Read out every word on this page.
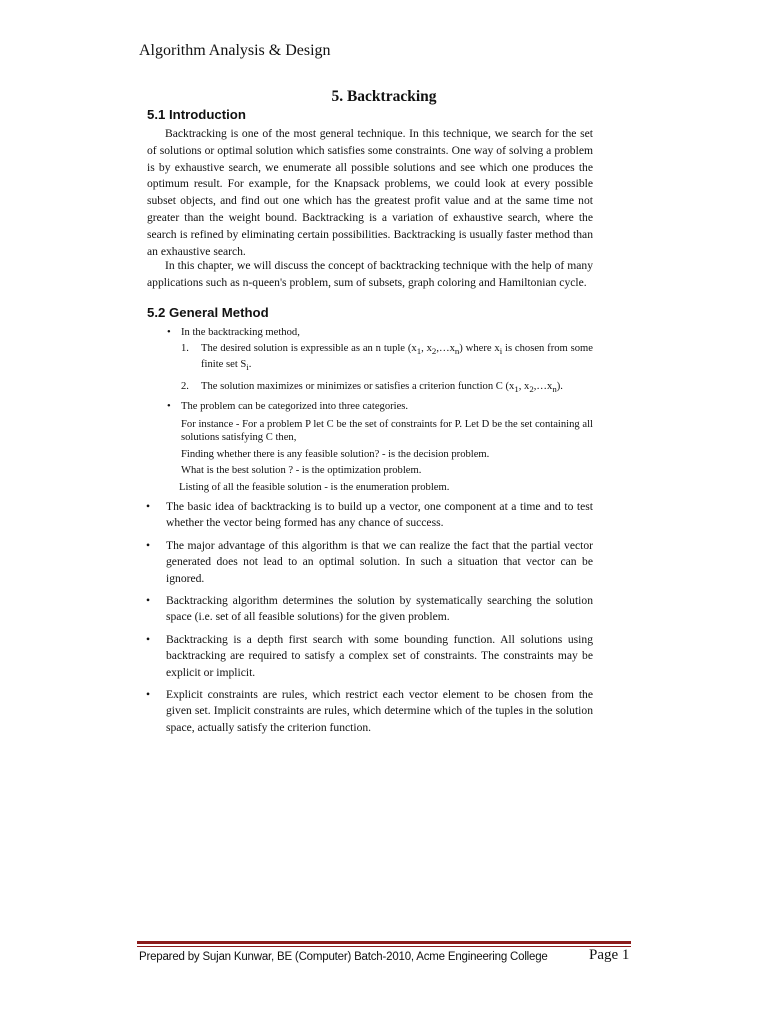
Algorithm Analysis & Design
5. Backtracking
5.1 Introduction

Backtracking is one of the most general technique. In this technique, we search for the set of solutions or optimal solution which satisfies some constraints. One way of solving a problem is by exhaustive search, we enumerate all possible solutions and see which one produces the optimum result. For example, for the Knapsack problems, we could look at every possible subset objects, and find out one which has the greatest profit value and at the same time not greater than the weight bound. Backtracking is a variation of exhaustive search, where the search is refined by eliminating certain possibilities. Backtracking is usually faster method than an exhaustive search.

In this chapter, we will discuss the concept of backtracking technique with the help of many applications such as n-queen's problem, sum of subsets, graph coloring and Hamiltonian cycle.

5.2 General Method

• In the backtracking method,

1. The desired solution is expressible as an n tuple ($x_1$, $x_2,\dots x_n$) where $x_i$ is chosen from some finite set $S_i$.

2. The solution maximizes or minimizes or satisfies a criterion function C ($x_1$, $x_2,\dots x_n$).

• The problem can be categorized into three categories.

For instance - For a problem P let C be the set of constraints for P. Let D be the set containing all solutions satisfying C then,

Finding whether there is any feasible solution? - is the decision problem.

What is the best solution ? - is the optimization problem.

Listing of all the feasible solution - is the enumeration problem.

• The basic idea of backtracking is to build up a vector, one component at a time and to test whether the vector being formed has any chance of success.

• The major advantage of this algorithm is that we can realize the fact that the partial vector generated does not lead to an optimal solution. In such a situation that vector can be ignored.

• Backtracking algorithm determines the solution by systematically searching the solution space (i.e. set of all feasible solutions) for the given problem.

• Backtracking is a depth first search with some bounding function. All solutions using backtracking are required to satisfy a complex set of constraints. The constraints may be explicit or implicit.

• Explicit constraints are rules, which restrict each vector element to be chosen from the given set. Implicit constraints are rules, which determine which of the tuples in the solution space, actually satisfy the criterion function.

Prepared by Sujan Kunwar, BE (Computer) Batch-2010, Acme Engineering College	Page 1
